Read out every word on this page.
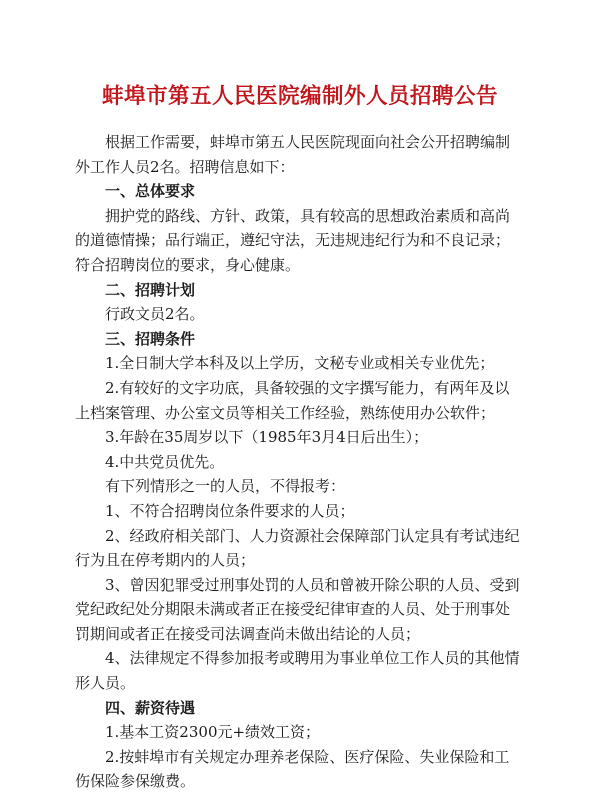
蚌埠市第五人民医院编制外人员招聘公告
根据工作需要，蚌埠市第五人民医院现面向社会公开招聘编制
外工作人员2名。招聘信息如下：
一、总体要求
拥护党的路线、方针、政策，具有较高的思想政治素质和高尚
的道德情操；品行端正，遵纪守法，无违规违纪行为和不良记录；
符合招聘岗位的要求，身心健康。
二、招聘计划
行政文员2名。
三、招聘条件
1.全日制大学本科及以上学历，文秘专业或相关专业优先；
2.有较好的文字功底，具备较强的文字撰写能力，有两年及以
上档案管理、办公室文员等相关工作经验，熟练使用办公软件；
3.年龄在35周岁以下（1985年3月4日后出生）；
4.中共党员优先。
有下列情形之一的人员，不得报考：
1、不符合招聘岗位条件要求的人员；
2、经政府相关部门、人力资源社会保障部门认定具有考试违纪
行为且在停考期内的人员；
3、曾因犯罪受过刑事处罚的人员和曾被开除公职的人员、受到
党纪政纪处分期限未满或者正在接受纪律审查的人员、处于刑事处
罚期间或者正在接受司法调查尚未做出结论的人员；
4、法律规定不得参加报考或聘用为事业单位工作人员的其他情
形人员。
四、薪资待遇
1.基本工资2300元+绩效工资；
2.按蚌埠市有关规定办理养老保险、医疗保险、失业保险和工
伤保险参保缴费。
